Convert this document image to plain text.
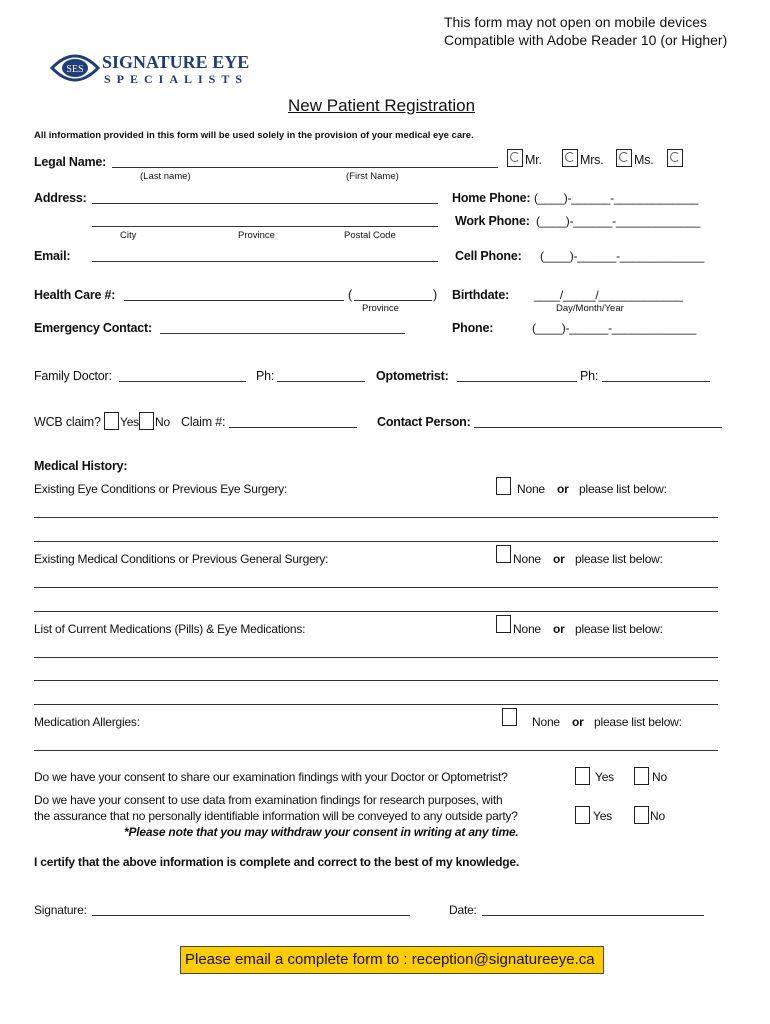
This form may not open on mobile devices
Compatible with Adobe Reader 10 (or Higher)
SES SIGNATURE EYE
SPECIALISTS
New Patient Registration
All information provided in this form will be used solely in the provision of your medical eye care.
Legal Name:
(Last name)	(First Name)
Mr.	Mrs. Ms.
Address:
City	Province	Postal Code
Home Phone: (____)-______-_____________
Work Phone: (____)-______-_____________
Email:	Cell Phone: (____)-______-_____________
Health Care #:	(	)
Province
Birthdate: ____/_____/_____________
Day/Month/Year
Emergency Contact:	Phone:	(____)-______-_____________
Family Doctor:	Ph:	Optometrist:	Ph:
WCB claim? Yes No Claim #:	Contact Person:
Medical History:
Existing Eye Conditions or Previous Eye Surgery:	None or please list below:
Existing Medical Conditions or Previous General Surgery:	None or please list below:
List of Current Medications (Pills) & Eye Medications:	None or please list below:
Medication Allergies:	None or please list below:
Do we have your consent to share our examination findings with your Doctor or Optometrist?	Yes	No
Do we have your consent to use data from examination findings for research purposes, with
the assurance that no personally identifiable information will be conveyed to any outside party?	Yes	No
*Please note that you may withdraw your consent in writing at any time.
I certify that the above information is complete and correct to the best of my knowledge.
Signature:	Date:
Please email a complete form to : reception@signatureeye.ca
